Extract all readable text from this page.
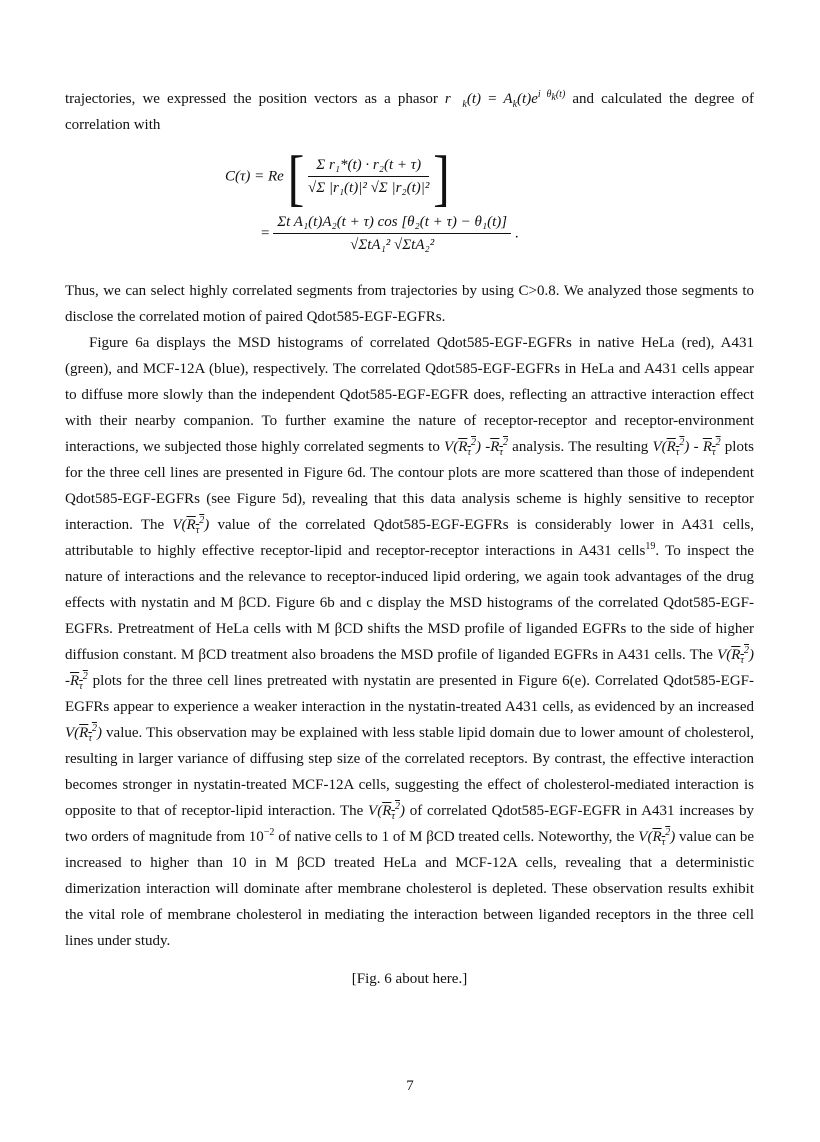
trajectories, we expressed the position vectors as a phasor $r⃗_k(t) = A_k(t)e^{i \theta_k(t)}$ and calculated the degree of correlation with

C(τ) = Re [ $\frac{\text{Σ r₁*(t) · r₂(t + τ)}}{\text{√Σ |r₁(t)|² √Σ |r₂(t)|²}}$ ]
= $\frac{\text{Σt A₁(t)A₂(t + τ) cos [θ₂(t + τ) − θ₁(t)]}}{\text{√ΣtA₁² √ΣtA₂²}}$ .

Thus, we can select highly correlated segments from trajectories by using C>0.8. We analyzed those segments to disclose the correlated motion of paired Qdot585-EGF-EGFRs.

Figure 6a displays the MSD histograms of correlated Qdot585-EGF-EGFRs in native HeLa (red), A431 (green), and MCF-12A (blue), respectively. The correlated Qdot585-EGF-EGFRs in HeLa and A431 cells appear to diffuse more slowly than the independent Qdot585-EGF-EGFR does, reflecting an attractive interaction effect with their nearby companion. To further examine the nature of receptor-receptor and receptor-environment interactions, we subjected those highly correlated segments to $V(R_\tau^2)$ $-R_\tau^2$ analysis. The resulting $V(R_\tau^2) - R_\tau^2$ plots for the three cell lines are presented in Figure 6d. The contour plots are more scattered than those of independent Qdot585-EGF-EGFRs (see Figure 5d), revealing that this data analysis scheme is highly sensitive to receptor interaction. The $V(R_\tau^2)$ value of the correlated Qdot585-EGF-EGFRs is considerably lower in A431 cells, attributable to highly effective receptor-lipid and receptor-receptor interactions in A431 cells$^{19}$. To inspect the nature of interactions and the relevance to receptor-induced lipid ordering, we again took advantages of the drug effects with nystatin and M βCD. Figure 6b and c display the MSD histograms of the correlated Qdot585-EGF-EGFRs. Pretreatment of HeLa cells with M βCD shifts the MSD profile of liganded EGFRs to the side of higher diffusion constant. M βCD treatment also broadens the MSD profile of liganded EGFRs in A431 cells. The $V(R_\tau^2)$ $-R_\tau^2$ plots for the three cell lines pretreated with nystatin are presented in Figure 6(e). Correlated Qdot585-EGF-EGFRs appear to experience a weaker interaction in the nystatin-treated A431 cells, as evidenced by an increased $V(R_\tau^2)$ value. This observation may be explained with less stable lipid domain due to lower amount of cholesterol, resulting in larger variance of diffusing step size of the correlated receptors. By contrast, the effective interaction becomes stronger in nystatin-treated MCF-12A cells, suggesting the effect of cholesterol-mediated interaction is opposite to that of receptor-lipid interaction. The $V(R_\tau^2)$ of correlated Qdot585-EGF-EGFR in A431 increases by two orders of magnitude from $10^{-2}$ of native cells to 1 of M βCD treated cells. Noteworthy, the $V(R_\tau^2)$ value can be increased to higher than 10 in M βCD treated HeLa and MCF-12A cells, revealing that a deterministic dimerization interaction will dominate after membrane cholesterol is depleted. These observation results exhibit the vital role of membrane cholesterol in mediating the interaction between liganded receptors in the three cell lines under study.

[Fig. 6 about here.]

7
